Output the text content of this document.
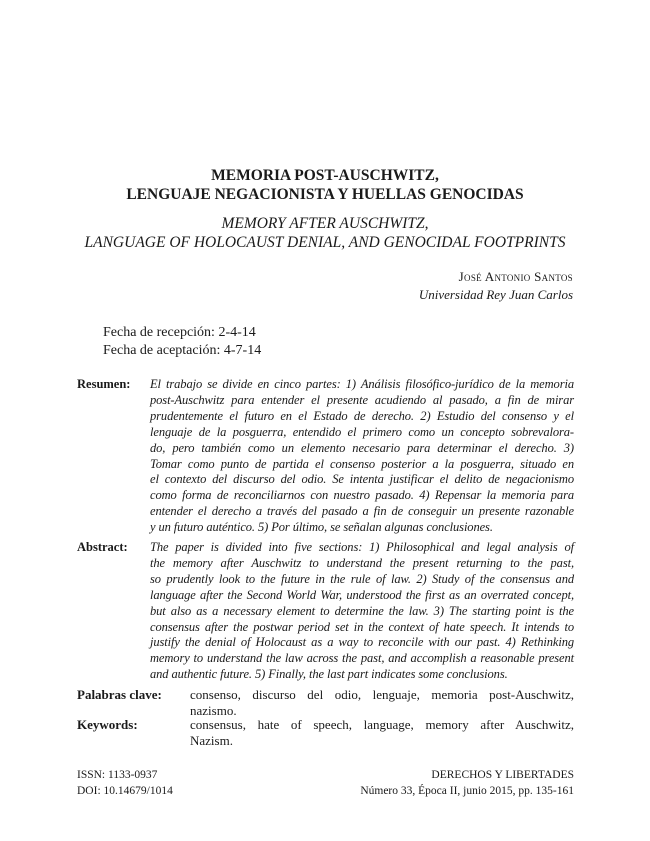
MEMORIA POST-AUSCHWITZ,
LENGUAJE NEGACIONISTA Y HUELLAS GENOCIDAS
MEMORY AFTER AUSCHWITZ,
LANGUAGE OF HOLOCAUST DENIAL, AND GENOCIDAL FOOTPRINTS
José Antonio Santos
Universidad Rey Juan Carlos
Fecha de recepción: 2-4-14
Fecha de aceptación: 4-7-14
Resumen: El trabajo se divide en cinco partes: 1) Análisis filosófico-jurídico de la memoria
post-Auschwitz para entender el presente acudiendo al pasado, a fin de mirar
prudentemente el futuro en el Estado de derecho. 2) Estudio del consenso y el
lenguaje de la posguerra, entendido el primero como un concepto sobrevalora-
do, pero también como un elemento necesario para determinar el derecho. 3)
Tomar como punto de partida el consenso posterior a la posguerra, situado en
el contexto del discurso del odio. Se intenta justificar el delito de negacionismo
como forma de reconciliarnos con nuestro pasado. 4) Repensar la memoria para
entender el derecho a través del pasado a fin de conseguir un presente razonable
y un futuro auténtico. 5) Por último, se señalan algunas conclusiones.
Abstract: The paper is divided into five sections: 1) Philosophical and legal analysis of
the memory after Auschwitz to understand the present returning to the past,
so prudently look to the future in the rule of law. 2) Study of the consensus and
language after the Second World War, understood the first as an overrated concept,
but also as a necessary element to determine the law. 3) The starting point is the
consensus after the postwar period set in the context of hate speech. It intends to
justify the denial of Holocaust as a way to reconcile with our past. 4) Rethinking
memory to understand the law across the past, and accomplish a reasonable present
and authentic future. 5) Finally, the last part indicates some conclusions.
Palabras clave: consenso, discurso del odio, lenguaje, memoria post-Auschwitz,
nazismo.
Keywords:	consensus, hate of speech, language, memory after Auschwitz,
Nazism.
ISSN: 1133-0937
DOI: 10.14679/1014
DERECHOS Y LIBERTADES
Número 33, Época II, junio 2015, pp. 135-161
